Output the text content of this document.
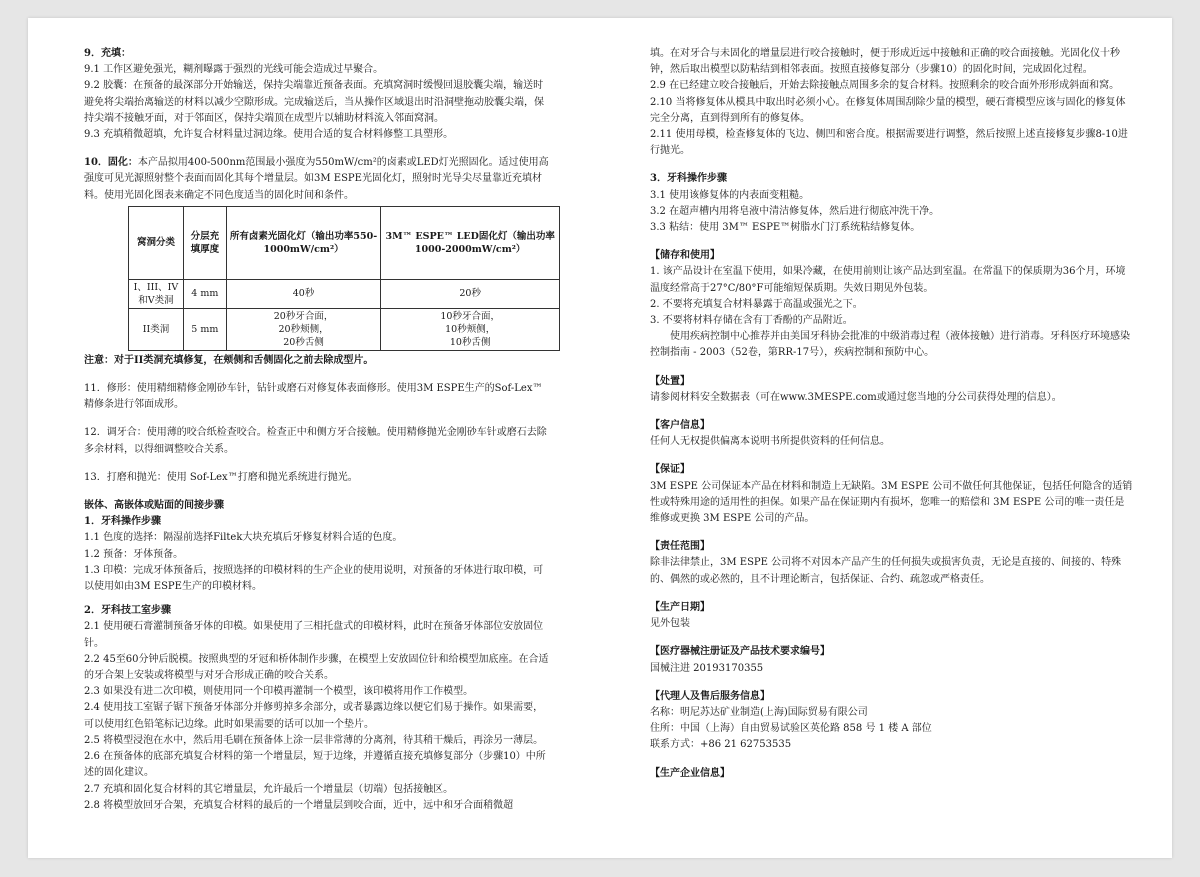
9．充填：

9.1 工作区避免强光，糊剂曝露于强烈的光线可能会造成过早聚合。

9.2 胶囊：在预备的最深部分开始输送，保持尖端靠近预备表面。充填窝洞时缓慢回退胶囊尖端，输送时避免将尖端抬离输送的材料以减少空隙形成。完成输送后，当从操作区域退出时沿洞壁拖动胶囊尖端，保持尖端不接触牙面，对于邻面区，保持尖端顶在成型片以辅助材料流入邻面窝洞。

9.3 充填稍微超填，允许复合材料量过洞边缘。使用合适的复合材料修整工具塑形。

10．固化：本产品拟用400-500nm范围最小强度为550mW/cm²的卤素或LED灯光照固化。适过使用高强度可见光源照射整个表面而固化其每个增量层。如3M ESPE光固化灯，照射时光导尖尽量靠近充填材料。使用光固化图表来确定不同色度适当的固化时间和条件。

窝洞分类	分层充填厚度	所有卤素光固化灯（输出功率550-1000mW/cm²）	3M™ ESPE™ LED固化灯（输出功率1000-2000mW/cm²）
I、III、IV和V类洞	4 mm	40秒	20秒
II类洞	5 mm	20秒牙合面，
20秒颊侧，
20秒舌侧	10秒牙合面，
10秒颊侧，
10秒舌侧

注意：对于II类洞充填修复，在颊侧和舌侧固化之前去除成型片。

11．修形：使用精细精修金刚砂车针，钻针或磨石对修复体表面修形。使用3M ESPE生产的Sof-Lex™精修条进行邻面成形。

12．调牙合：使用薄的咬合纸检查咬合。检查正中和侧方牙合接触。使用精修抛光金刚砂车针或磨石去除多余材料，以得细调整咬合关系。

13．打磨和抛光：使用 Sof-Lex™打磨和抛光系统进行抛光。

嵌体、高嵌体或贴面的间接步骤

1．牙科操作步骤

1.1 色度的选择：隔湿前选择Filtek大块充填后牙修复材料合适的色度。

1.2 预备：牙体预备。

1.3 印模：完成牙体预备后，按照选择的印模材料的生产企业的使用说明，对预备的牙体进行取印模，可以使用如由3M ESPE生产的印模材料。

2．牙科技工室步骤

2.1 使用硬石膏灌制预备牙体的印模。如果使用了三相托盘式的印模材料，此时在预备牙体部位安放固位针。

2.2 45至60分钟后脱模。按照典型的牙冠和桥体制作步骤，在模型上安放固位针和给模型加底座。在合适的牙合架上安装或将模型与对牙合形成正确的咬合关系。

2.3 如果没有进二次印模，则使用同一个印模再灌制一个模型，该印模将用作工作模型。

2.4 使用技工室锯子锯下预备牙体部分并修剪掉多余部分，或者暴露边缘以便它们易于操作。如果需要，可以使用红色铅笔标记边缘。此时如果需要的话可以加一个垫片。

2.5 将模型浸泡在水中，然后用毛刷在预备体上涂一层非常薄的分离剂，待其稍干燥后，再涂另一薄层。

2.6 在预备体的底部充填复合材料的第一个增量层，短于边缘，并遵循直接充填修复部分（步骤10）中所述的固化建议。

2.7 充填和固化复合材料的其它增量层，允许最后一个增量层（切端）包括接触区。

2.8 将模型放回牙合架，充填复合材料的最后的一个增量层到咬合面，近中，远中和牙合面稍微超

填。在对牙合与未固化的增量层进行咬合接触时，便于形成近远中接触和正确的咬合面接触。光固化仪十秒钟，然后取出模型以防粘结到相邻表面。按照直接修复部分（步骤10）的固化时间，完成固化过程。

2.9 在已经建立咬合接触后，开始去除接触点周围多余的复合材料。按照剩余的咬合面外形形成斜面和窝。

2.10 当将修复体从模具中取出时必须小心。在修复体周围刮除少量的模型，硬石膏模型应该与固化的修复体完全分离，直到得到所有的修复体。

2.11 使用母模，检查修复体的飞边、侧凹和密合度。根据需要进行调整，然后按照上述直接修复步骤8-10进行抛光。

3．牙科操作步骤

3.1 使用该修复体的内表面变粗糙。

3.2 在超声槽内用将皂液中清洁修复体，然后进行彻底冲洗干净。

3.3 粘结：使用 3M™ ESPE™树脂水门汀系统粘结修复体。

【储存和使用】

1. 该产品设计在室温下使用，如果冷藏，在使用前则让该产品达到室温。在常温下的保质期为36个月，环境温度经常高于27°C/80°F可能缩短保质期。失效日期见外包装。

2. 不要将充填复合材料暴露于高温或强光之下。

3. 不要将材料存储在含有丁香酚的产品附近。

使用疾病控制中心推荐并由美国牙科协会批准的中级消毒过程（液体接触）进行消毒。牙科医疗环境感染控制指南 - 2003（52卷，第RR-17号），疾病控制和预防中心。

【处置】

请参阅材料安全数据表（可在www.3MESPE.com或通过您当地的分公司获得处理的信息）。

【客户信息】

任何人无权提供偏离本说明书所提供资料的任何信息。

【保证】

3M ESPE 公司保证本产品在材料和制造上无缺陷。3M ESPE 公司不做任何其他保证，包括任何隐含的适销性或特殊用途的适用性的担保。如果产品在保证期内有损坏，您唯一的赔偿和 3M ESPE 公司的唯一责任是维修或更换 3M ESPE 公司的产品。

【责任范围】

除非法律禁止，3M ESPE 公司将不对因本产品产生的任何损失或损害负责，无论是直接的、间接的、特殊的、偶然的或必然的，且不计理论断言，包括保证、合约、疏忽或严格责任。

【生产日期】

见外包装

【医疗器械注册证及产品技术要求编号】

国械注进 20193170355

【代理人及售后服务信息】

名称：明尼苏达矿业制造(上海)国际贸易有限公司

住所：中国（上海）自由贸易试验区英伦路 858 号 1 楼 A 部位

联系方式：+86 21 62753535

【生产企业信息】
